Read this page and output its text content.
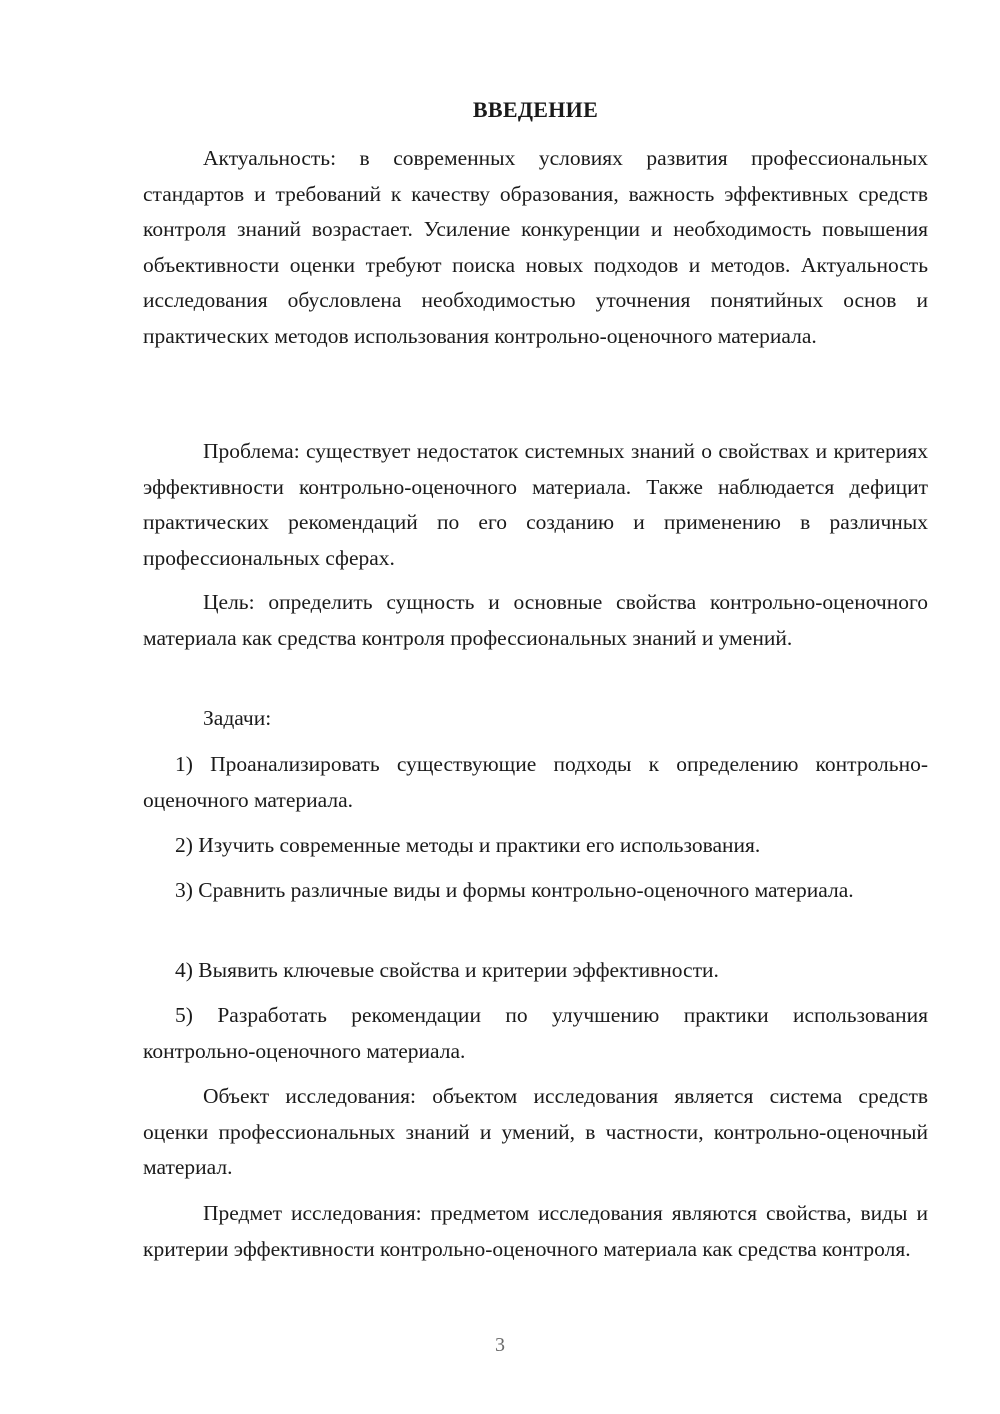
ВВЕДЕНИЕ

Актуальность: в современных условиях развития профессиональных стандартов и требований к качеству образования, важность эффективных средств контроля знаний возрастает. Усиление конкуренции и необходимость повышения объективности оценки требуют поиска новых подходов и методов. Актуальность исследования обусловлена необходимостью уточнения понятийных основ и практических методов использования контрольно-оценочного материала.

Проблема: существует недостаток системных знаний о свойствах и критериях эффективности контрольно-оценочного материала. Также наблюдается дефицит практических рекомендаций по его созданию и применению в различных профессиональных сферах.

Цель: определить сущность и основные свойства контрольно-оценочного материала как средства контроля профессиональных знаний и умений.

Задачи:

1) Проанализировать существующие подходы к определению контрольно-оценочного материала.

2) Изучить современные методы и практики его использования.

3) Сравнить различные виды и формы контрольно-оценочного материала.

4) Выявить ключевые свойства и критерии эффективности.

5) Разработать рекомендации по улучшению практики использования контрольно-оценочного материала.

Объект исследования: объектом исследования является система средств оценки профессиональных знаний и умений, в частности, контрольно-оценочный материал.

Предмет исследования: предметом исследования являются свойства, виды и критерии эффективности контрольно-оценочного материала как средства контроля.

3
